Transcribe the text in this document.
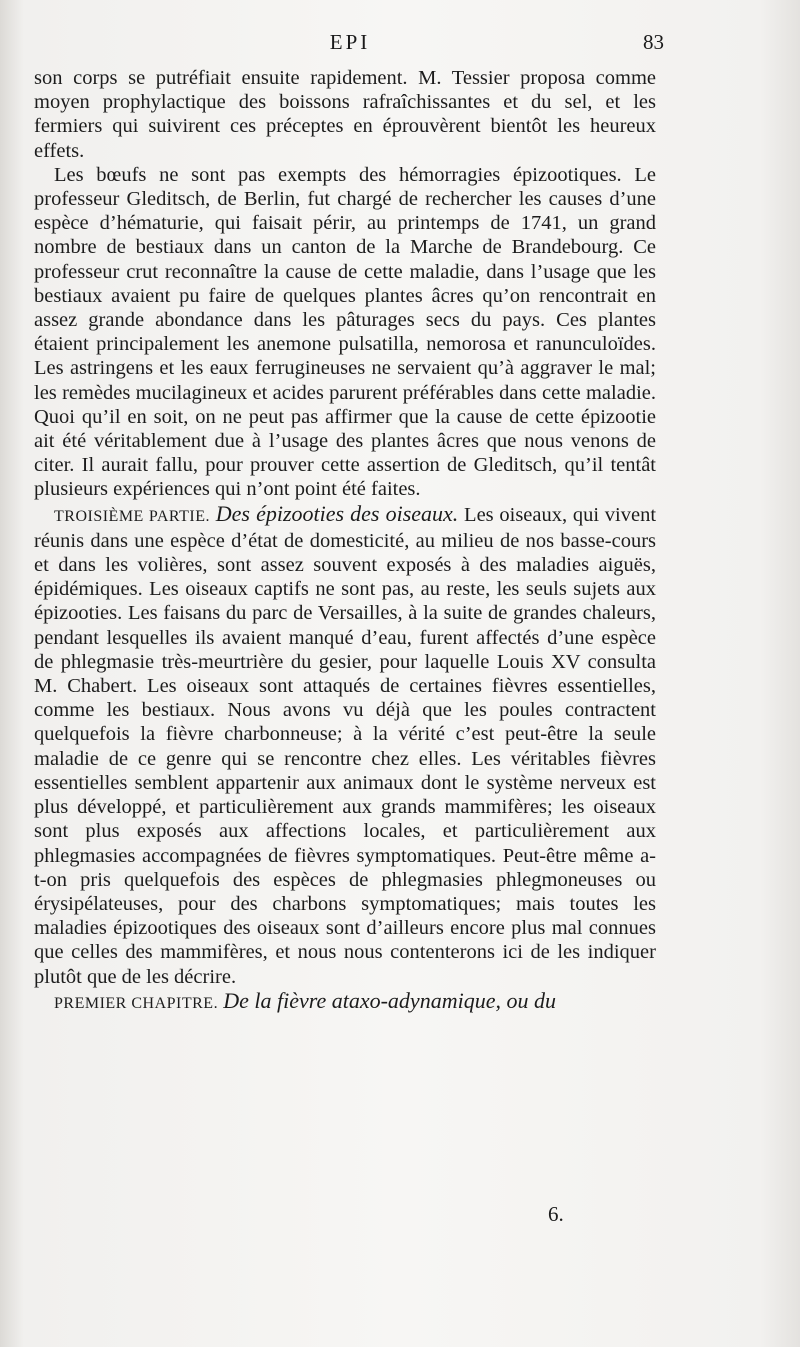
EPI	83

son corps se putréfiait ensuite rapidement. M. Tessier proposa comme moyen prophylactique des boissons rafraîchissantes et du sel, et les fermiers qui suivirent ces préceptes en éprouvèrent bientôt les heureux effets.

Les bœufs ne sont pas exempts des hémorragies épizootiques. Le professeur Gleditsch, de Berlin, fut chargé de rechercher les causes d’une espèce d’hématurie, qui faisait périr, au printemps de 1741, un grand nombre de bestiaux dans un canton de la Marche de Brandebourg. Ce professeur crut reconnaître la cause de cette maladie, dans l’usage que les bestiaux avaient pu faire de quelques plantes âcres qu’on rencontrait en assez grande abondance dans les pâturages secs du pays. Ces plantes étaient principalement les anemone pulsatilla, nemorosa et ranunculoïdes. Les astringens et les eaux ferrugineuses ne servaient qu’à aggraver le mal; les remèdes mucilagineux et acides parurent préférables dans cette maladie. Quoi qu’il en soit, on ne peut pas affirmer que la cause de cette épizootie ait été véritablement due à l’usage des plantes âcres que nous venons de citer. Il aurait fallu, pour prouver cette assertion de Gleditsch, qu’il tentât plusieurs expériences qui n’ont point été faites.

TROISIÈME PARTIE. Des épizooties des oiseaux. Les oiseaux, qui vivent réunis dans une espèce d’état de domesticité, au milieu de nos basse-cours et dans les volières, sont assez souvent exposés à des maladies aiguës, épidémiques. Les oiseaux captifs ne sont pas, au reste, les seuls sujets aux épizooties. Les faisans du parc de Versailles, à la suite de grandes chaleurs, pendant lesquelles ils avaient manqué d’eau, furent affectés d’une espèce de phlegmasie très-meurtrière du gesier, pour laquelle Louis XV consulta M. Chabert. Les oiseaux sont attaqués de certaines fièvres essentielles, comme les bestiaux. Nous avons vu déjà que les poules contractent quelquefois la fièvre charbonneuse; à la vérité c’est peut-être la seule maladie de ce genre qui se rencontre chez elles. Les véritables fièvres essentielles semblent appartenir aux animaux dont le système nerveux est plus développé, et particulièrement aux grands mammifères; les oiseaux sont plus exposés aux affections locales, et particulièrement aux phlegmasies accompagnées de fièvres symptomatiques. Peut-être même a-t-on pris quelquefois des espèces de phlegmasies phlegmoneuses ou érysipélateuses, pour des charbons symptomatiques; mais toutes les maladies épizootiques des oiseaux sont d’ailleurs encore plus mal connues que celles des mammifères, et nous nous contenterons ici de les indiquer plutôt que de les décrire.

PREMIER CHAPITRE. De la fièvre ataxo-adynamique, ou du

6.
